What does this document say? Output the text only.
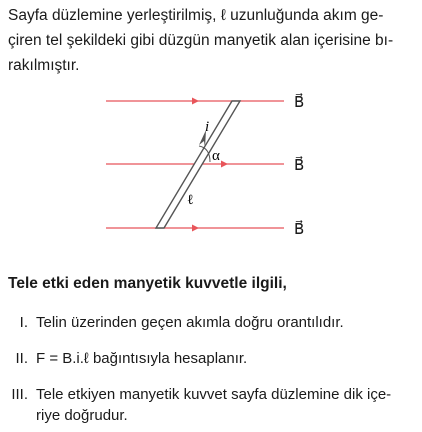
Sayfa düzlemine yerleştirilmiş, ℓ uzunluğunda akım ge-
çiren tel şekildeki gibi düzgün manyetik alan içerisine bı-
rakılmıştır.
B⃗
B⃗
B⃗
i
α
ℓ
Tele etki eden manyetik kuvvetle ilgili,
I. Telin üzerinden geçen akımla doğru orantılıdır.
II. F = B.i.ℓ bağıntısıyla hesaplanır.
III. Tele etkiyen manyetik kuvvet sayfa düzlemine dik içe-
riye doğrudur.
